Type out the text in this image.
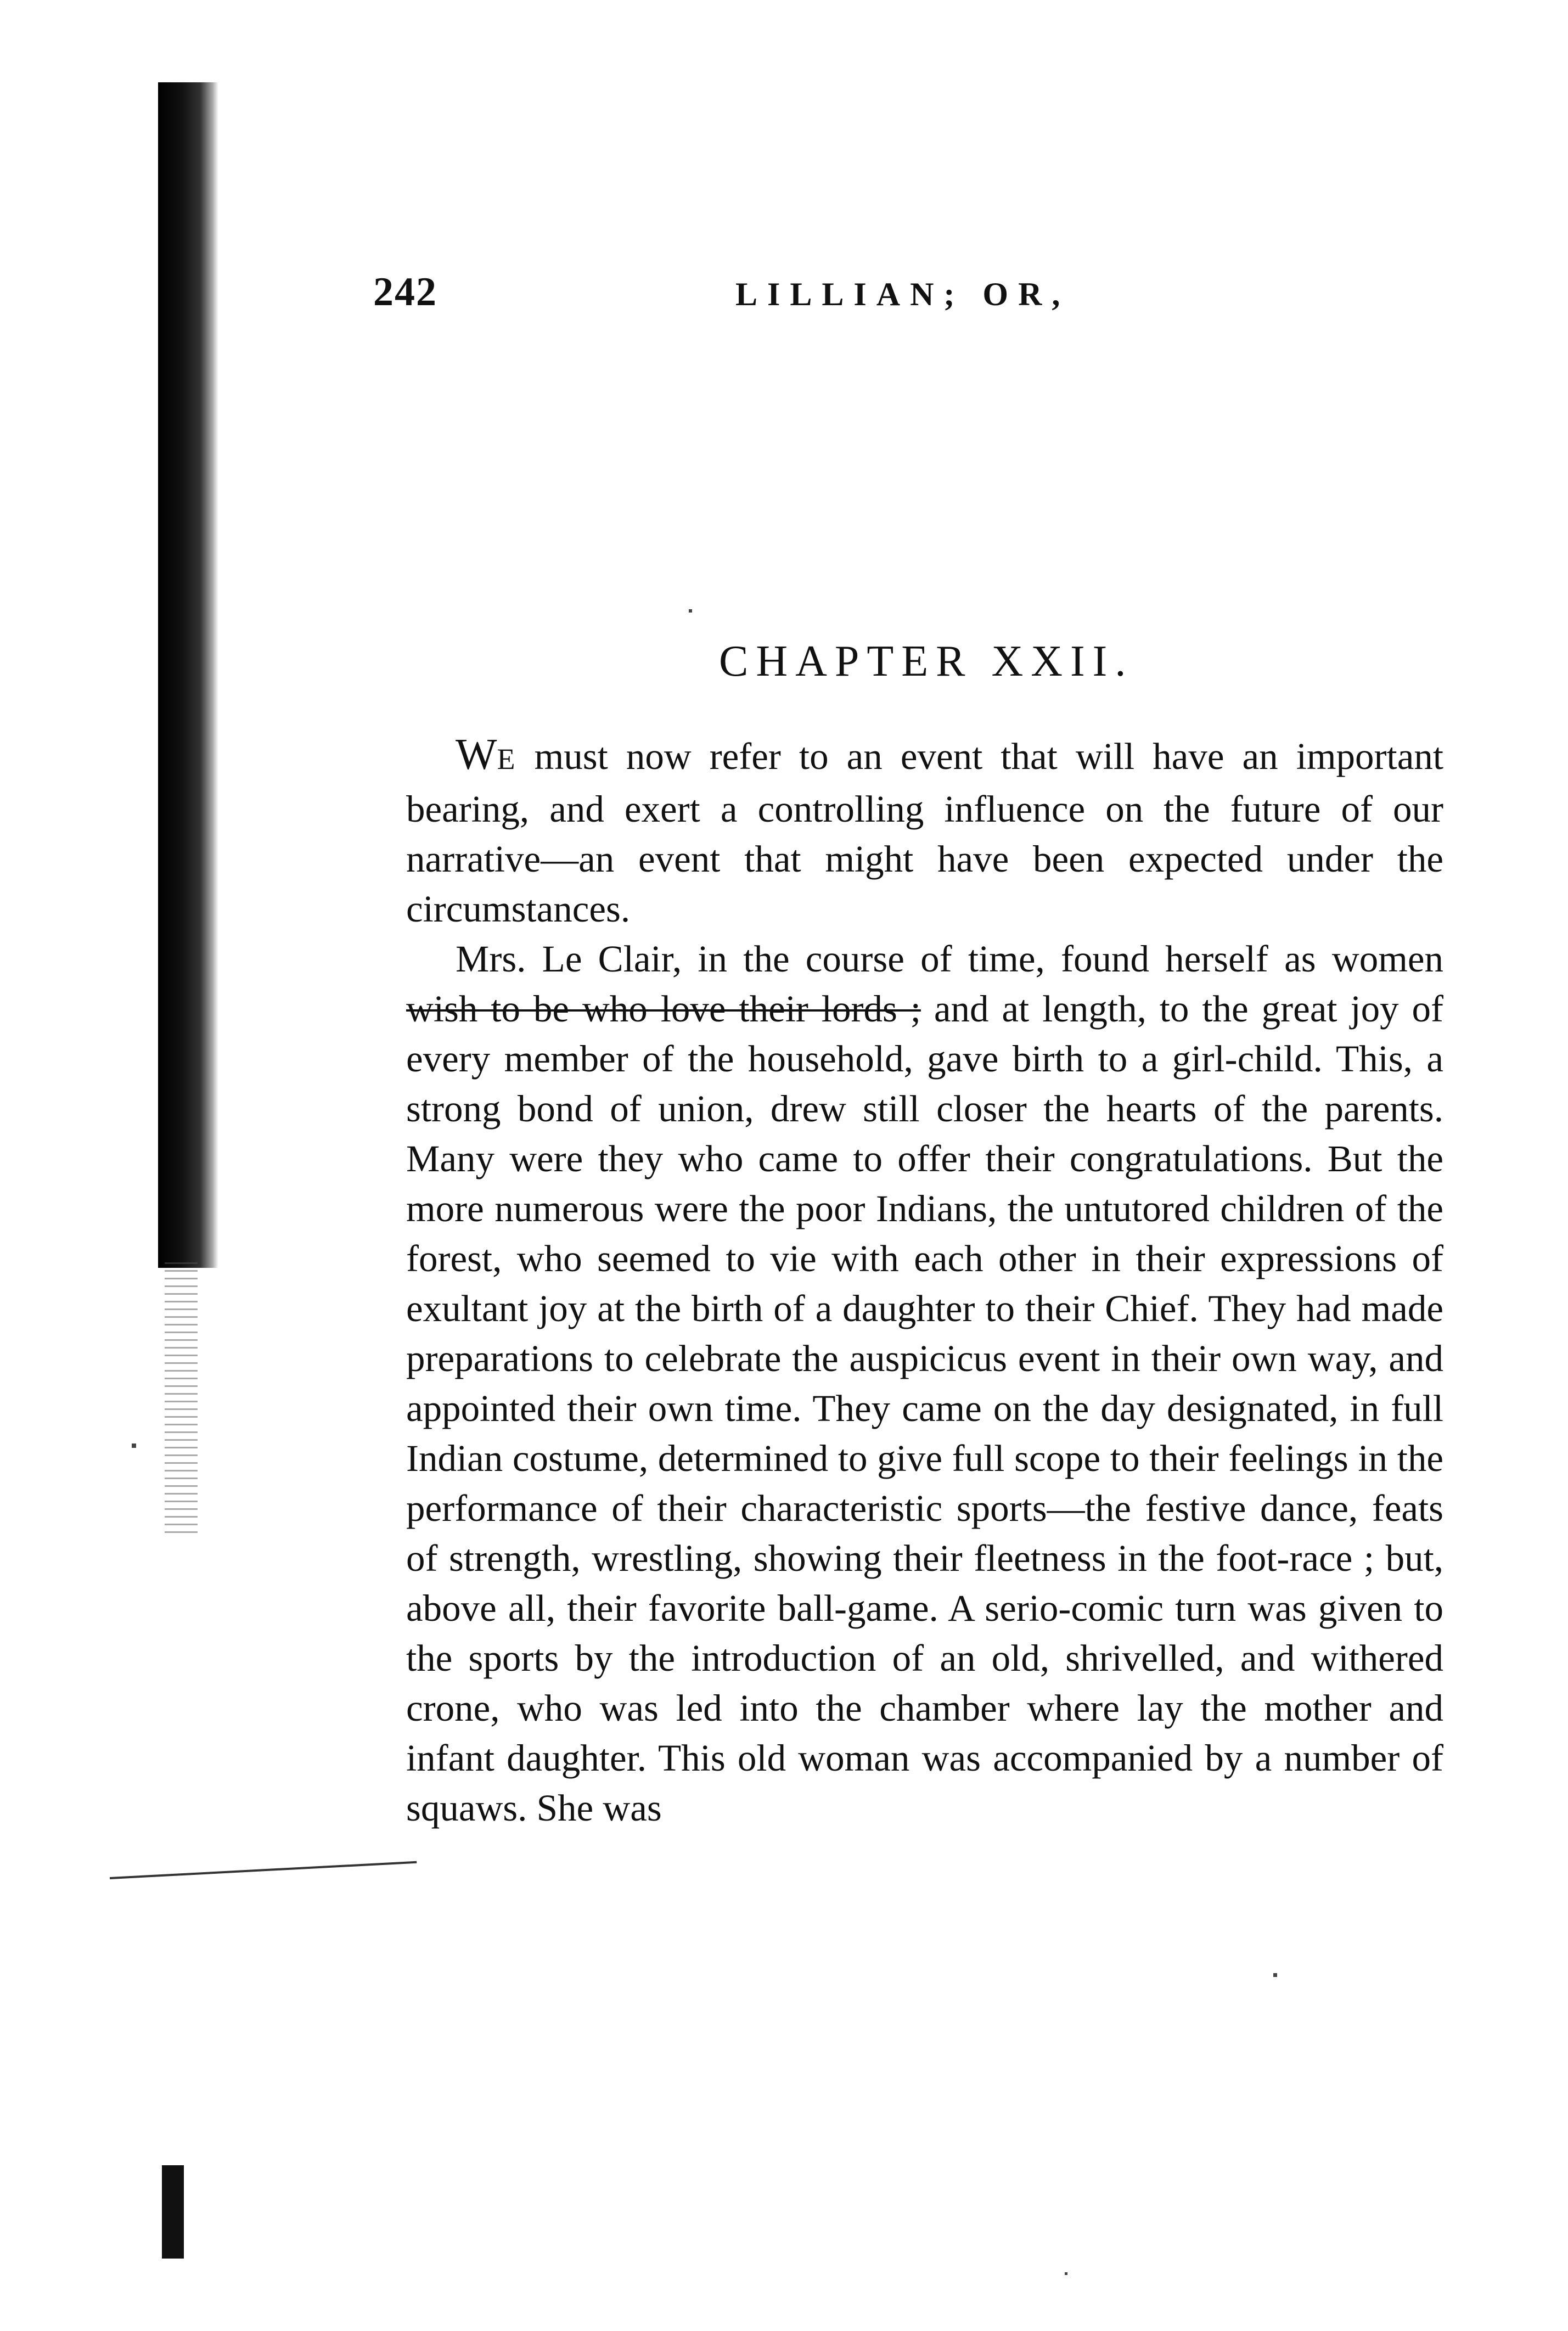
242	LILLIAN; OR,
CHAPTER XXII.

WE must now refer to an event that will have an important bearing, and exert a controlling influence on the future of our narrative—an event that might have been expected under the circumstances.

Mrs. Le Clair, in the course of time, found herself as women wish to be who love their lords ; and at length, to the great joy of every member of the household, gave birth to a girl-child. This, a strong bond of union, drew still closer the hearts of the parents. Many were they who came to offer their congratulations. But the more numerous were the poor Indians, the untutored children of the forest, who seemed to vie with each other in their expressions of exultant joy at the birth of a daughter to their Chief. They had made preparations to celebrate the auspicicus event in their own way, and appointed their own time. They came on the day designated, in full Indian costume, determined to give full scope to their feelings in the performance of their characteristic sports—the festive dance, feats of strength, wrestling, showing their fleetness in the foot-race ; but, above all, their favorite ball-game. A serio-comic turn was given to the sports by the introduction of an old, shrivelled, and withered crone, who was led into the chamber where lay the mother and infant daughter. This old woman was accompanied by a number of squaws. She was
